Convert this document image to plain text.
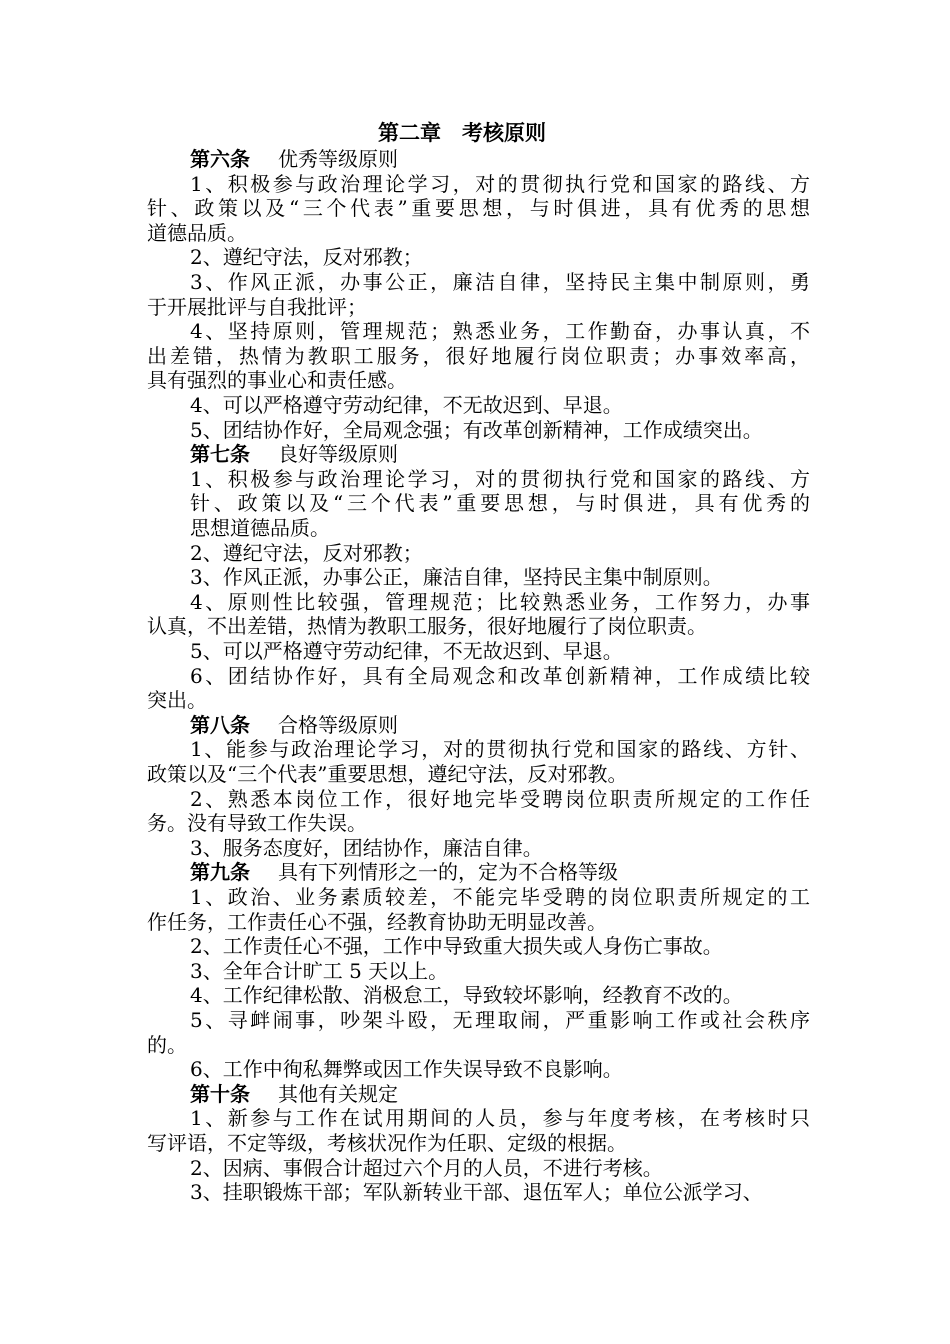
第二章　考核原则
第六条 优秀等级原则
1、积极参与政治理论学习，对的贯彻执行党和国家的路线、方
针、政策以及“三个代表”重要思想，与时俱进，具有优秀的思想
道德品质。
2、遵纪守法，反对邪教；
3、作风正派，办事公正，廉洁自律，坚持民主集中制原则，勇
于开展批评与自我批评；
4、坚持原则，管理规范；熟悉业务，工作勤奋，办事认真，不
出差错，热情为教职工服务，很好地履行岗位职责；办事效率高，
具有强烈的事业心和责任感。
4、可以严格遵守劳动纪律，不无故迟到、早退。
5、团结协作好，全局观念强；有改革创新精神，工作成绩突出。
第七条 良好等级原则
1、积极参与政治理论学习，对的贯彻执行党和国家的路线、方
针、政策以及“三个代表”重要思想，与时俱进，具有优秀的
思想道德品质。
2、遵纪守法，反对邪教；
3、作风正派，办事公正，廉洁自律，坚持民主集中制原则。
4、原则性比较强，管理规范；比较熟悉业务，工作努力，办事
认真，不出差错，热情为教职工服务，很好地履行了岗位职责。
5、可以严格遵守劳动纪律，不无故迟到、早退。
6、团结协作好，具有全局观念和改革创新精神，工作成绩比较
突出。
第八条 合格等级原则
1、能参与政治理论学习，对的贯彻执行党和国家的路线、方针、
政策以及“三个代表”重要思想，遵纪守法，反对邪教。
2、熟悉本岗位工作，很好地完毕受聘岗位职责所规定的工作任
务。没有导致工作失误。
3、服务态度好，团结协作，廉洁自律。
第九条 具有下列情形之一的，定为不合格等级
1、政治、业务素质较差，不能完毕受聘的岗位职责所规定的工
作任务，工作责任心不强，经教育协助无明显改善。
2、工作责任心不强，工作中导致重大损失或人身伤亡事故。
3、全年合计旷工 5 天以上。
4、工作纪律松散、消极怠工，导致较坏影响，经教育不改的。
5、寻衅闹事，吵架斗殴，无理取闹，严重影响工作或社会秩序
的。
6、工作中徇私舞弊或因工作失误导致不良影响。
第十条 其他有关规定
1、新参与工作在试用期间的人员，参与年度考核，在考核时只
写评语，不定等级，考核状况作为任职、定级的根据。
2、因病、事假合计超过六个月的人员，不进行考核。
3、挂职锻炼干部；军队新转业干部、退伍军人；单位公派学习、
